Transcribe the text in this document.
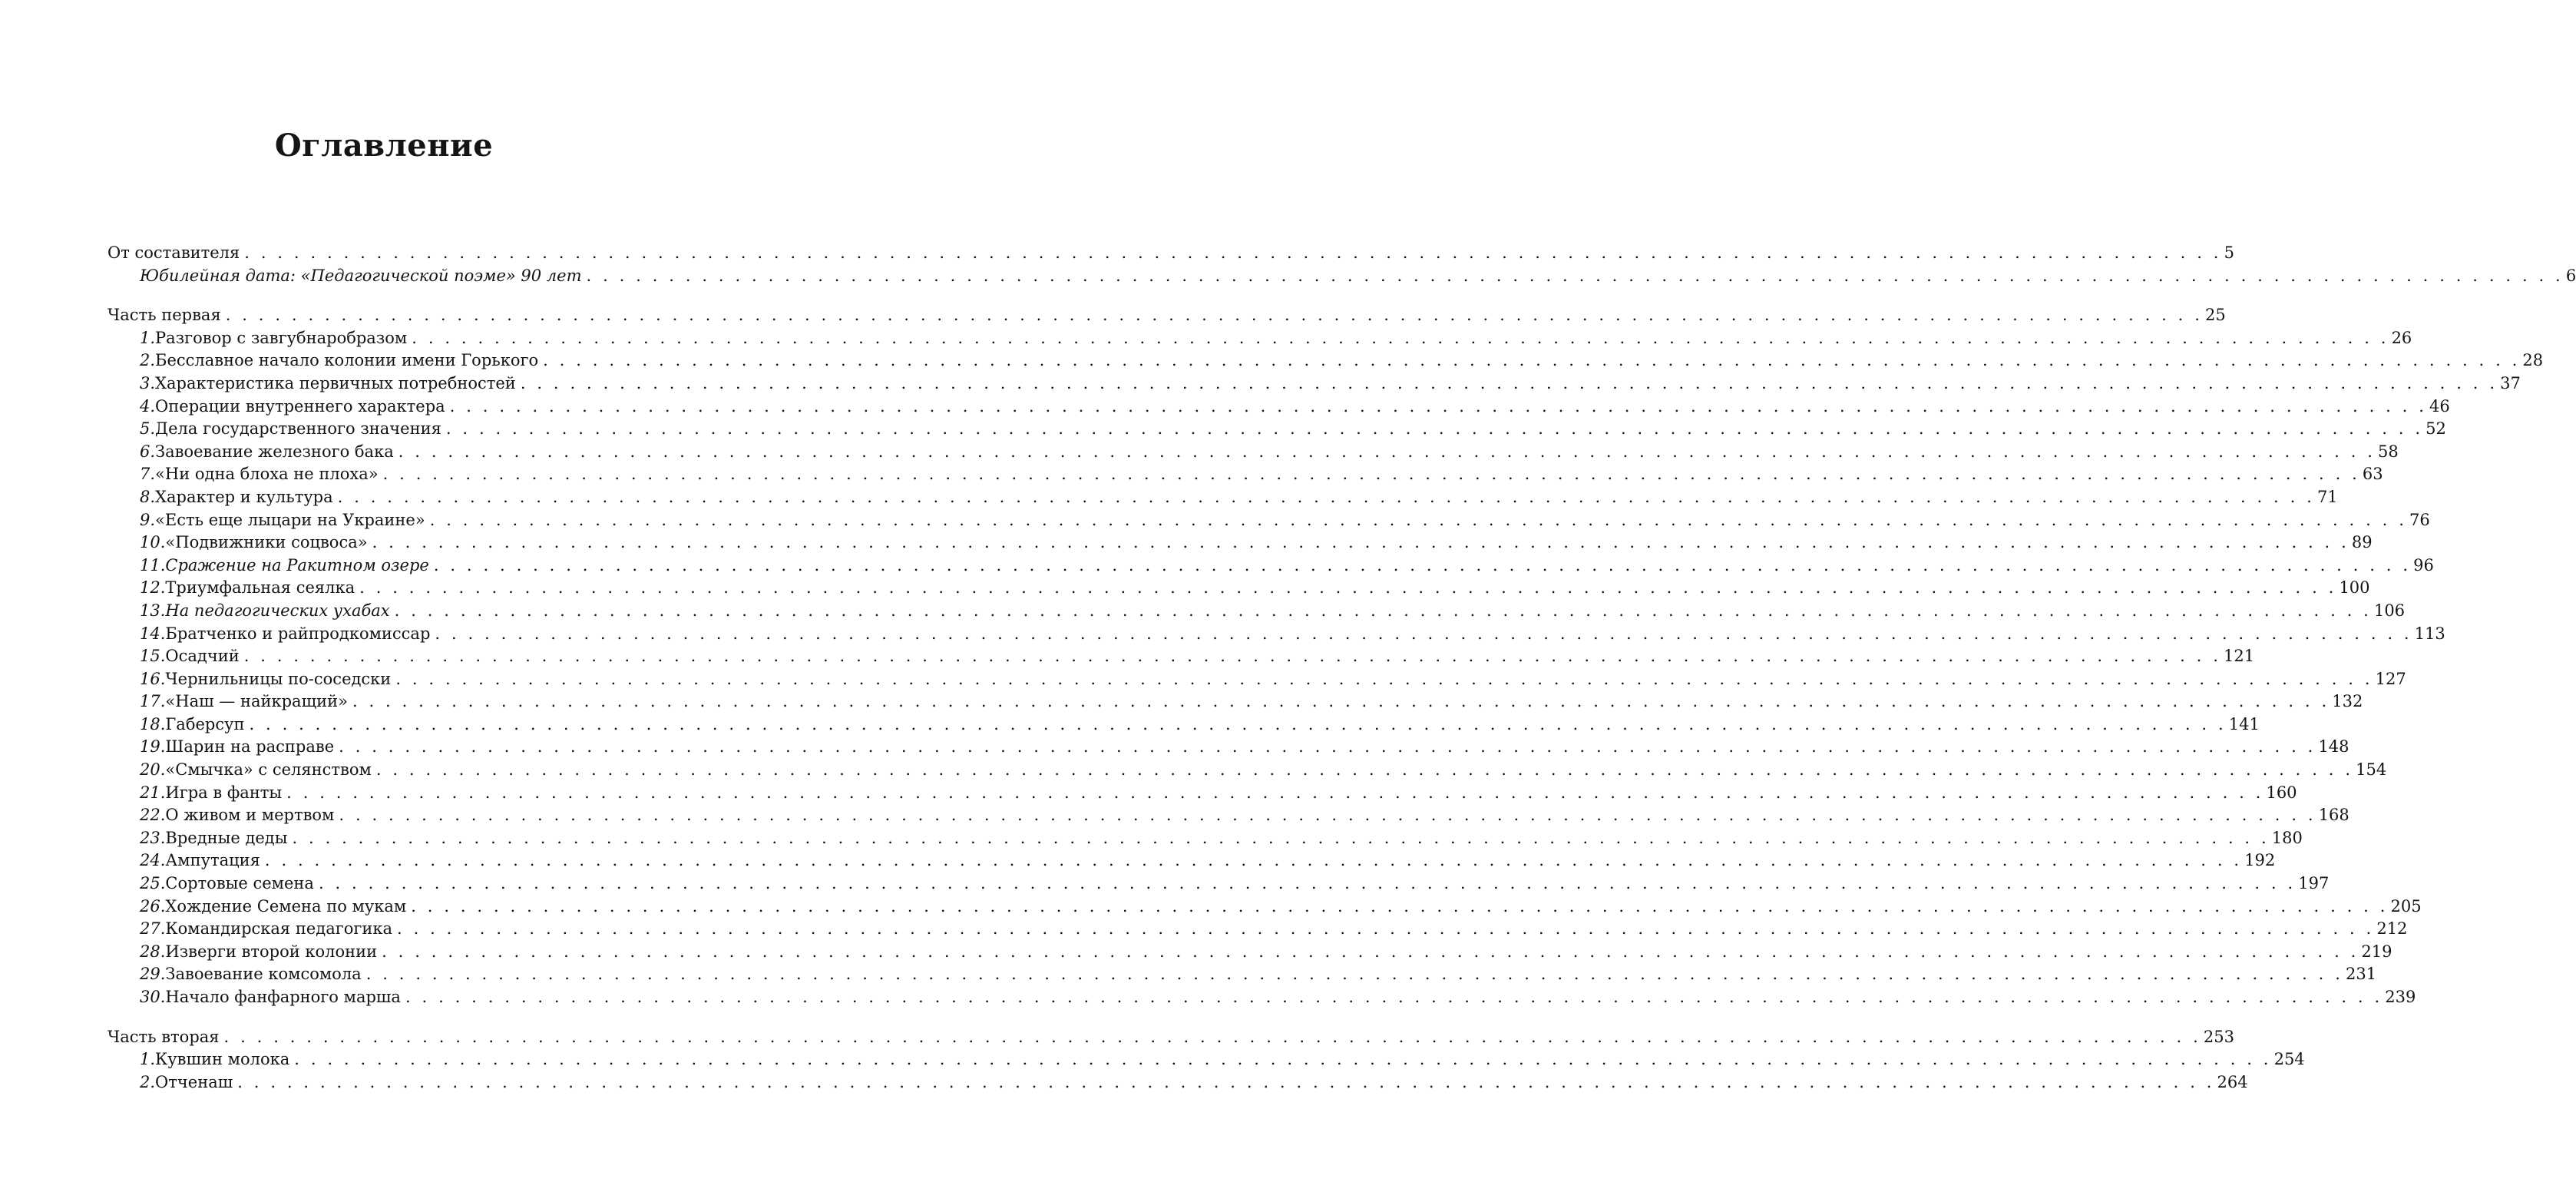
Оглавление
От составителя . . . . . . . . . . . . . . . . . . . . . . . . . . . . . . . . . . . . . . . . . . . . . . . . . . . . . . . . . . . . . . . . . . . . . . . . . . . . . . . . . . . . . . . . . . . . . . . . . . . . . . . . . . . . . . . . . . . . . . . . 5
Юбилейная дата: «Педагогической поэме» 90 лет . . . . . . . . . . . . . . . . . . . . . . . . . . . . . . . . . . . . . . . . . . . . . . . . . . . . . . . . . . . . . . . . . . . . . . . . . . . . . . . . . . . . . . . . . . . . . . . . . . . . . . . . . . . . . . . . . . . . . . . . 6
Часть первая . . . . . . . . . . . . . . . . . . . . . . . . . . . . . . . . . . . . . . . . . . . . . . . . . . . . . . . . . . . . . . . . . . . . . . . . . . . . . . . . . . . . . . . . . . . . . . . . . . . . . . . . . . . . . . . . . . . . . . . . 25
1. Разговор с завгубнаробразом . . . . . . . . . . . . . . . . . . . . . . . . . . . . . . . . . . . . . . . . . . . . . . . . . . . . . . . . . . . . . . . . . . . . . . . . . . . . . . . . . . . . . . . . . . . . . . . . . . . . . . . . . . . . . . . . . . . . . . . . 26
2. Бесславное начало колонии имени Горького . . . . . . . . . . . . . . . . . . . . . . . . . . . . . . . . . . . . . . . . . . . . . . . . . . . . . . . . . . . . . . . . . . . . . . . . . . . . . . . . . . . . . . . . . . . . . . . . . . . . . . . . . . . . . . . . . . . . . . . . 28
3. Характеристика первичных потребностей . . . . . . . . . . . . . . . . . . . . . . . . . . . . . . . . . . . . . . . . . . . . . . . . . . . . . . . . . . . . . . . . . . . . . . . . . . . . . . . . . . . . . . . . . . . . . . . . . . . . . . . . . . . . . . . . . . . . . . . . 37
4. Операции внутреннего характера . . . . . . . . . . . . . . . . . . . . . . . . . . . . . . . . . . . . . . . . . . . . . . . . . . . . . . . . . . . . . . . . . . . . . . . . . . . . . . . . . . . . . . . . . . . . . . . . . . . . . . . . . . . . . . . . . . . . . . . . 46
5. Дела государственного значения . . . . . . . . . . . . . . . . . . . . . . . . . . . . . . . . . . . . . . . . . . . . . . . . . . . . . . . . . . . . . . . . . . . . . . . . . . . . . . . . . . . . . . . . . . . . . . . . . . . . . . . . . . . . . . . . . . . . . . . . 52
6. Завоевание железного бака . . . . . . . . . . . . . . . . . . . . . . . . . . . . . . . . . . . . . . . . . . . . . . . . . . . . . . . . . . . . . . . . . . . . . . . . . . . . . . . . . . . . . . . . . . . . . . . . . . . . . . . . . . . . . . . . . . . . . . . . 58
7. «Ни одна блоха не плоха» . . . . . . . . . . . . . . . . . . . . . . . . . . . . . . . . . . . . . . . . . . . . . . . . . . . . . . . . . . . . . . . . . . . . . . . . . . . . . . . . . . . . . . . . . . . . . . . . . . . . . . . . . . . . . . . . . . . . . . . . 63
8. Характер и культура . . . . . . . . . . . . . . . . . . . . . . . . . . . . . . . . . . . . . . . . . . . . . . . . . . . . . . . . . . . . . . . . . . . . . . . . . . . . . . . . . . . . . . . . . . . . . . . . . . . . . . . . . . . . . . . . . . . . . . . . 71
9. «Есть еще лыцари на Украине» . . . . . . . . . . . . . . . . . . . . . . . . . . . . . . . . . . . . . . . . . . . . . . . . . . . . . . . . . . . . . . . . . . . . . . . . . . . . . . . . . . . . . . . . . . . . . . . . . . . . . . . . . . . . . . . . . . . . . . . . 76
10. «Подвижники соцвоса» . . . . . . . . . . . . . . . . . . . . . . . . . . . . . . . . . . . . . . . . . . . . . . . . . . . . . . . . . . . . . . . . . . . . . . . . . . . . . . . . . . . . . . . . . . . . . . . . . . . . . . . . . . . . . . . . . . . . . . . . 89
11. Сражение на Ракитном озере . . . . . . . . . . . . . . . . . . . . . . . . . . . . . . . . . . . . . . . . . . . . . . . . . . . . . . . . . . . . . . . . . . . . . . . . . . . . . . . . . . . . . . . . . . . . . . . . . . . . . . . . . . . . . . . . . . . . . . . . 96
12. Триумфальная сеялка . . . . . . . . . . . . . . . . . . . . . . . . . . . . . . . . . . . . . . . . . . . . . . . . . . . . . . . . . . . . . . . . . . . . . . . . . . . . . . . . . . . . . . . . . . . . . . . . . . . . . . . . . . . . . . . . . . . . . . . . 100
13. На педагогических ухабах . . . . . . . . . . . . . . . . . . . . . . . . . . . . . . . . . . . . . . . . . . . . . . . . . . . . . . . . . . . . . . . . . . . . . . . . . . . . . . . . . . . . . . . . . . . . . . . . . . . . . . . . . . . . . . . . . . . . . . . . 106
14. Братченко и райпродкомиссар . . . . . . . . . . . . . . . . . . . . . . . . . . . . . . . . . . . . . . . . . . . . . . . . . . . . . . . . . . . . . . . . . . . . . . . . . . . . . . . . . . . . . . . . . . . . . . . . . . . . . . . . . . . . . . . . . . . . . . . . 113
15. Осадчий . . . . . . . . . . . . . . . . . . . . . . . . . . . . . . . . . . . . . . . . . . . . . . . . . . . . . . . . . . . . . . . . . . . . . . . . . . . . . . . . . . . . . . . . . . . . . . . . . . . . . . . . . . . . . . . . . . . . . . . . 121
16. Чернильницы по-соседски . . . . . . . . . . . . . . . . . . . . . . . . . . . . . . . . . . . . . . . . . . . . . . . . . . . . . . . . . . . . . . . . . . . . . . . . . . . . . . . . . . . . . . . . . . . . . . . . . . . . . . . . . . . . . . . . . . . . . . . . 127
17. «Наш — найкращий» . . . . . . . . . . . . . . . . . . . . . . . . . . . . . . . . . . . . . . . . . . . . . . . . . . . . . . . . . . . . . . . . . . . . . . . . . . . . . . . . . . . . . . . . . . . . . . . . . . . . . . . . . . . . . . . . . . . . . . . . 132
18. Габерсуп . . . . . . . . . . . . . . . . . . . . . . . . . . . . . . . . . . . . . . . . . . . . . . . . . . . . . . . . . . . . . . . . . . . . . . . . . . . . . . . . . . . . . . . . . . . . . . . . . . . . . . . . . . . . . . . . . . . . . . . . 141
19. Шарин на расправе . . . . . . . . . . . . . . . . . . . . . . . . . . . . . . . . . . . . . . . . . . . . . . . . . . . . . . . . . . . . . . . . . . . . . . . . . . . . . . . . . . . . . . . . . . . . . . . . . . . . . . . . . . . . . . . . . . . . . . . . 148
20. «Смычка» с селянством . . . . . . . . . . . . . . . . . . . . . . . . . . . . . . . . . . . . . . . . . . . . . . . . . . . . . . . . . . . . . . . . . . . . . . . . . . . . . . . . . . . . . . . . . . . . . . . . . . . . . . . . . . . . . . . . . . . . . . . . 154
21. Игра в фанты . . . . . . . . . . . . . . . . . . . . . . . . . . . . . . . . . . . . . . . . . . . . . . . . . . . . . . . . . . . . . . . . . . . . . . . . . . . . . . . . . . . . . . . . . . . . . . . . . . . . . . . . . . . . . . . . . . . . . . . . 160
22. О живом и мертвом . . . . . . . . . . . . . . . . . . . . . . . . . . . . . . . . . . . . . . . . . . . . . . . . . . . . . . . . . . . . . . . . . . . . . . . . . . . . . . . . . . . . . . . . . . . . . . . . . . . . . . . . . . . . . . . . . . . . . . . . 168
23. Вредные деды . . . . . . . . . . . . . . . . . . . . . . . . . . . . . . . . . . . . . . . . . . . . . . . . . . . . . . . . . . . . . . . . . . . . . . . . . . . . . . . . . . . . . . . . . . . . . . . . . . . . . . . . . . . . . . . . . . . . . . . . 180
24. Ампутация . . . . . . . . . . . . . . . . . . . . . . . . . . . . . . . . . . . . . . . . . . . . . . . . . . . . . . . . . . . . . . . . . . . . . . . . . . . . . . . . . . . . . . . . . . . . . . . . . . . . . . . . . . . . . . . . . . . . . . . . 192
25. Сортовые семена . . . . . . . . . . . . . . . . . . . . . . . . . . . . . . . . . . . . . . . . . . . . . . . . . . . . . . . . . . . . . . . . . . . . . . . . . . . . . . . . . . . . . . . . . . . . . . . . . . . . . . . . . . . . . . . . . . . . . . . . 197
26. Хождение Семена по мукам . . . . . . . . . . . . . . . . . . . . . . . . . . . . . . . . . . . . . . . . . . . . . . . . . . . . . . . . . . . . . . . . . . . . . . . . . . . . . . . . . . . . . . . . . . . . . . . . . . . . . . . . . . . . . . . . . . . . . . . . 205
27. Командирская педагогика . . . . . . . . . . . . . . . . . . . . . . . . . . . . . . . . . . . . . . . . . . . . . . . . . . . . . . . . . . . . . . . . . . . . . . . . . . . . . . . . . . . . . . . . . . . . . . . . . . . . . . . . . . . . . . . . . . . . . . . . 212
28. Изверги второй колонии . . . . . . . . . . . . . . . . . . . . . . . . . . . . . . . . . . . . . . . . . . . . . . . . . . . . . . . . . . . . . . . . . . . . . . . . . . . . . . . . . . . . . . . . . . . . . . . . . . . . . . . . . . . . . . . . . . . . . . . . 219
29. Завоевание комсомола . . . . . . . . . . . . . . . . . . . . . . . . . . . . . . . . . . . . . . . . . . . . . . . . . . . . . . . . . . . . . . . . . . . . . . . . . . . . . . . . . . . . . . . . . . . . . . . . . . . . . . . . . . . . . . . . . . . . . . . . 231
30. Начало фанфарного марша . . . . . . . . . . . . . . . . . . . . . . . . . . . . . . . . . . . . . . . . . . . . . . . . . . . . . . . . . . . . . . . . . . . . . . . . . . . . . . . . . . . . . . . . . . . . . . . . . . . . . . . . . . . . . . . . . . . . . . . . 239
Часть вторая . . . . . . . . . . . . . . . . . . . . . . . . . . . . . . . . . . . . . . . . . . . . . . . . . . . . . . . . . . . . . . . . . . . . . . . . . . . . . . . . . . . . . . . . . . . . . . . . . . . . . . . . . . . . . . . . . . . . . . . . 253
1. Кувшин молока . . . . . . . . . . . . . . . . . . . . . . . . . . . . . . . . . . . . . . . . . . . . . . . . . . . . . . . . . . . . . . . . . . . . . . . . . . . . . . . . . . . . . . . . . . . . . . . . . . . . . . . . . . . . . . . . . . . . . . . . 254
2. Отченаш . . . . . . . . . . . . . . . . . . . . . . . . . . . . . . . . . . . . . . . . . . . . . . . . . . . . . . . . . . . . . . . . . . . . . . . . . . . . . . . . . . . . . . . . . . . . . . . . . . . . . . . . . . . . . . . . . . . . . . . . 264
